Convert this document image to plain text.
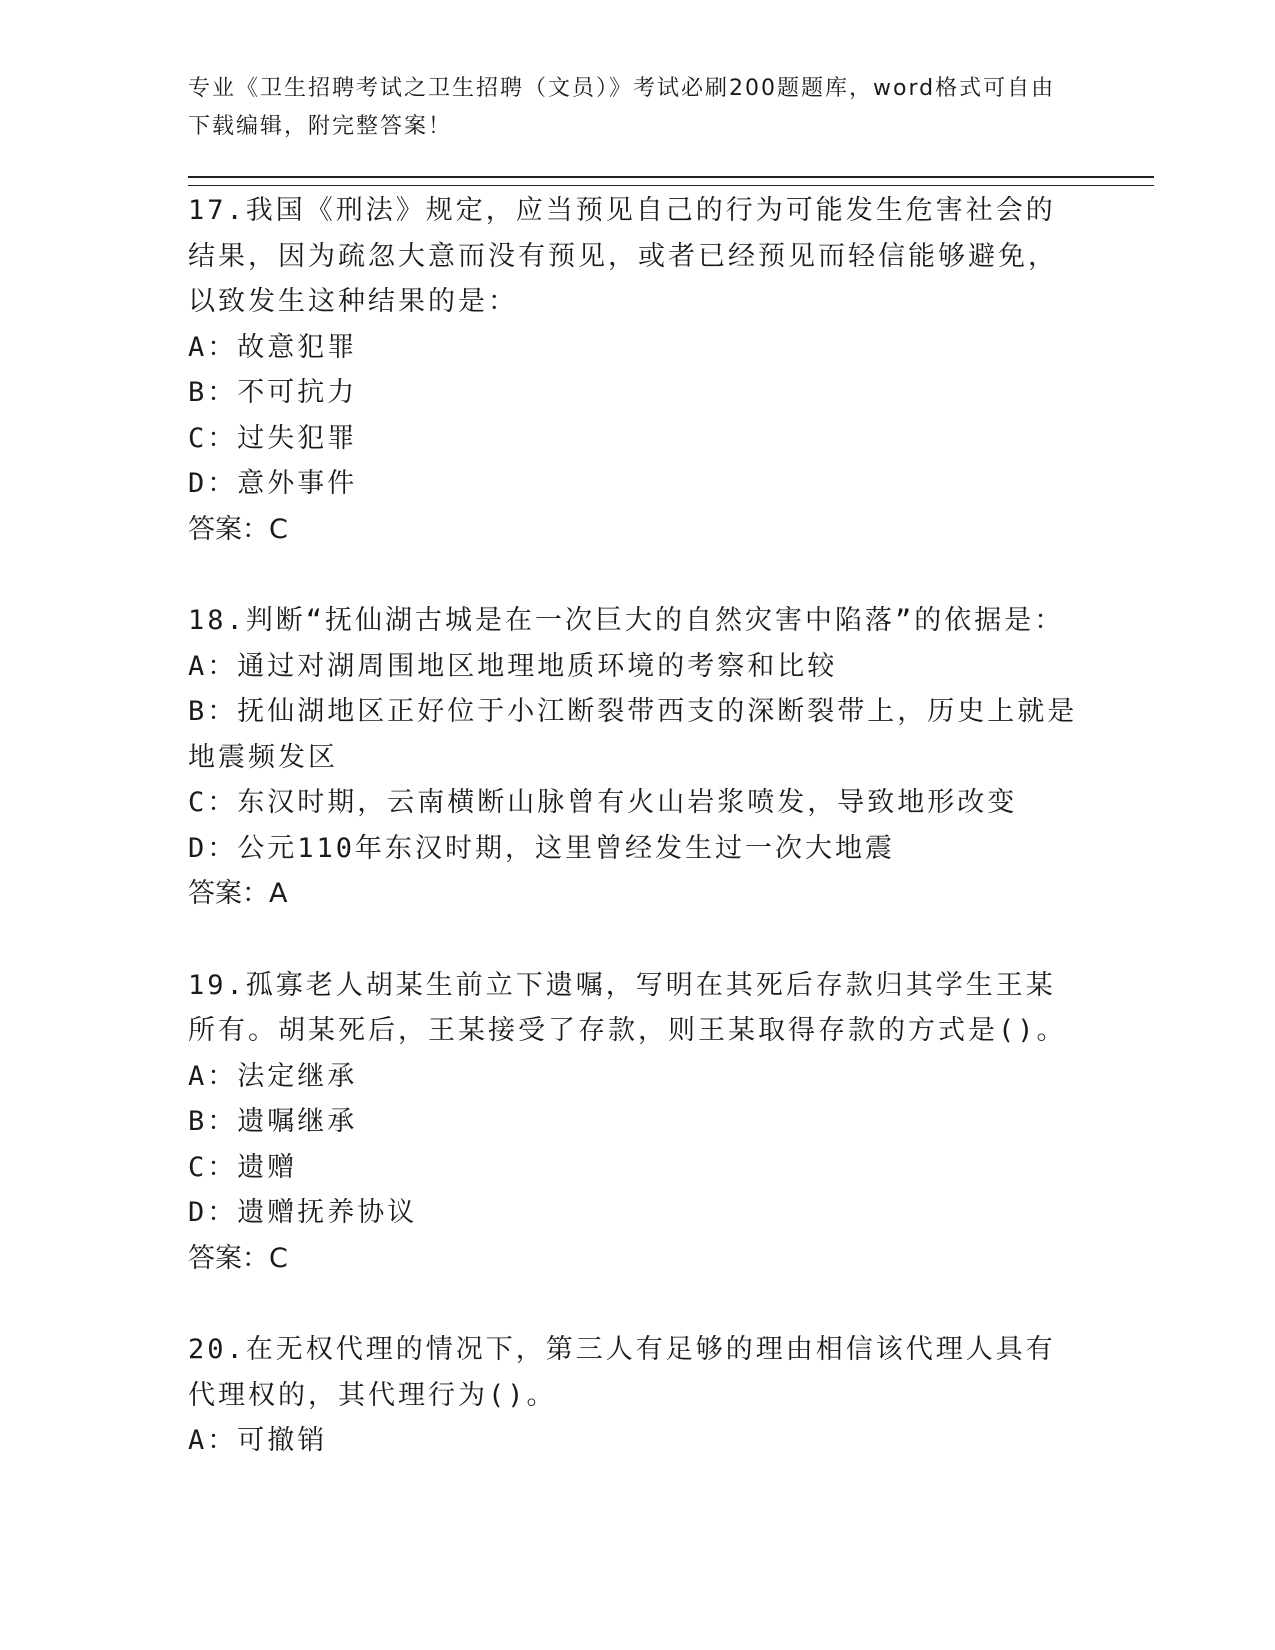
专业《卫生招聘考试之卫生招聘（文员）》考试必刷200题题库，word格式可自由下载编辑，附完整答案！

17.我国《刑法》规定，应当预见自己的行为可能发生危害社会的结果，因为疏忽大意而没有预见，或者已经预见而轻信能够避免，以致发生这种结果的是：

A：故意犯罪

B：不可抗力

C：过失犯罪

D：意外事件

答案：C

18.判断“抚仙湖古城是在一次巨大的自然灾害中陷落”的依据是：

A：通过对湖周围地区地理地质环境的考察和比较

B：抚仙湖地区正好位于小江断裂带西支的深断裂带上，历史上就是地震频发区

C：东汉时期，云南横断山脉曾有火山岩浆喷发，导致地形改变

D：公元110年东汉时期，这里曾经发生过一次大地震

答案：A

19.孤寡老人胡某生前立下遗嘱，写明在其死后存款归其学生王某所有。胡某死后，王某接受了存款，则王某取得存款的方式是()。

A：法定继承

B：遗嘱继承

C：遗赠

D：遗赠抚养协议

答案：C

20.在无权代理的情况下，第三人有足够的理由相信该代理人具有代理权的，其代理行为()。

A：可撤销
